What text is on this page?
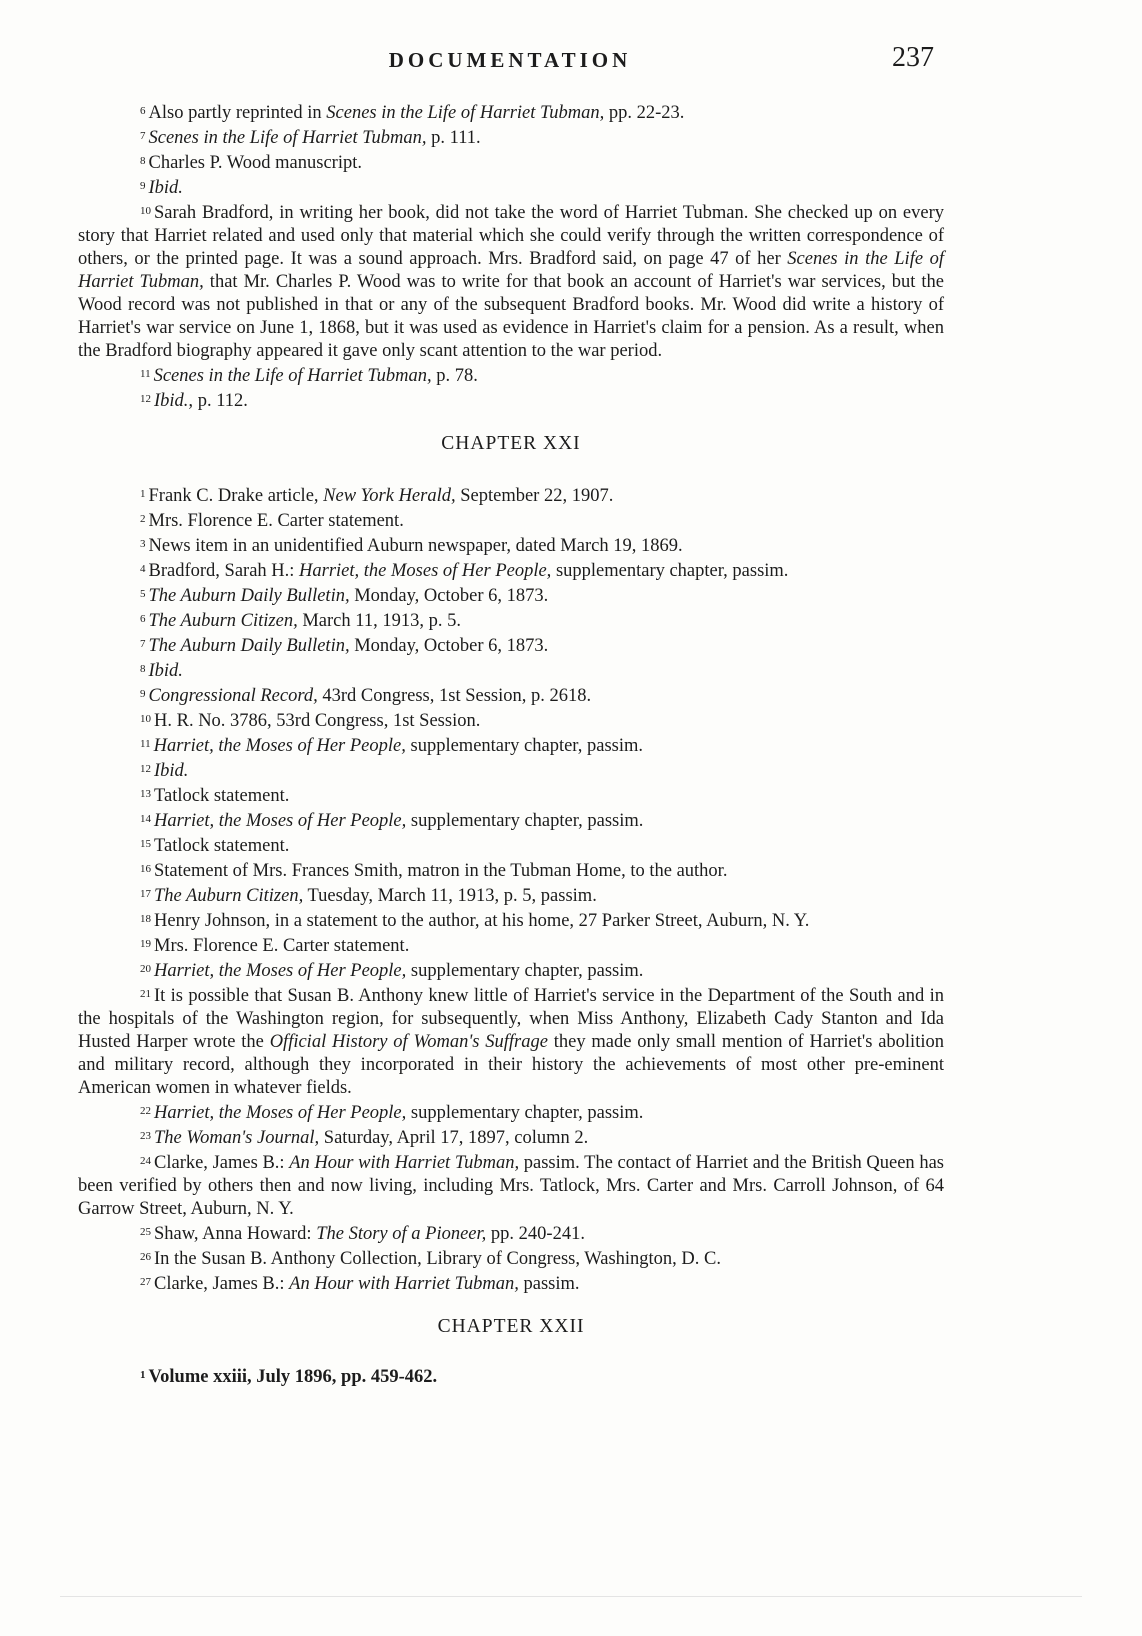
DOCUMENTATION	237

$^6$ Also partly reprinted in Scenes in the Life of Harriet Tubman, pp. 22-23.

$^7$ Scenes in the Life of Harriet Tubman, p. 111.

$^8$ Charles P. Wood manuscript.

$^9$ Ibid.

$^{10}$ Sarah Bradford, in writing her book, did not take the word of Harriet Tubman. She checked up on every story that Harriet related and used only that material which she could verify through the written correspondence of others, or the printed page. It was a sound approach. Mrs. Bradford said, on page 47 of her Scenes in the Life of Harriet Tubman, that Mr. Charles P. Wood was to write for that book an account of Harriet's war services, but the Wood record was not published in that or any of the subsequent Bradford books. Mr. Wood did write a history of Harriet's war service on June 1, 1868, but it was used as evidence in Harriet's claim for a pension. As a result, when the Bradford biography appeared it gave only scant attention to the war period.

$^{11}$ Scenes in the Life of Harriet Tubman, p. 78.

$^{12}$ Ibid., p. 112.

CHAPTER XXI

$^1$ Frank C. Drake article, New York Herald, September 22, 1907.

$^2$ Mrs. Florence E. Carter statement.

$^3$ News item in an unidentified Auburn newspaper, dated March 19, 1869.

$^4$ Bradford, Sarah H.: Harriet, the Moses of Her People, supplementary chapter, passim.

$^5$ The Auburn Daily Bulletin, Monday, October 6, 1873.

$^6$ The Auburn Citizen, March 11, 1913, p. 5.

$^7$ The Auburn Daily Bulletin, Monday, October 6, 1873.

$^8$ Ibid.

$^9$ Congressional Record, 43rd Congress, 1st Session, p. 2618.

$^{10}$ H. R. No. 3786, 53rd Congress, 1st Session.

$^{11}$ Harriet, the Moses of Her People, supplementary chapter, passim.

$^{12}$ Ibid.

$^{13}$ Tatlock statement.

$^{14}$ Harriet, the Moses of Her People, supplementary chapter, passim.

$^{15}$ Tatlock statement.

$^{16}$ Statement of Mrs. Frances Smith, matron in the Tubman Home, to the author.

$^{17}$ The Auburn Citizen, Tuesday, March 11, 1913, p. 5, passim.

$^{18}$ Henry Johnson, in a statement to the author, at his home, 27 Parker Street, Auburn, N. Y.

$^{19}$ Mrs. Florence E. Carter statement.

$^{20}$ Harriet, the Moses of Her People, supplementary chapter, passim.

$^{21}$ It is possible that Susan B. Anthony knew little of Harriet's service in the Department of the South and in the hospitals of the Washington region, for subsequently, when Miss Anthony, Elizabeth Cady Stanton and Ida Husted Harper wrote the Official History of Woman's Suffrage they made only small mention of Harriet's abolition and military record, although they incorporated in their history the achievements of most other pre-eminent American women in whatever fields.

$^{22}$ Harriet, the Moses of Her People, supplementary chapter, passim.

$^{23}$ The Woman's Journal, Saturday, April 17, 1897, column 2.

$^{24}$ Clarke, James B.: An Hour with Harriet Tubman, passim. The contact of Harriet and the British Queen has been verified by others then and now living, including Mrs. Tatlock, Mrs. Carter and Mrs. Carroll Johnson, of 64 Garrow Street, Auburn, N. Y.

$^{25}$ Shaw, Anna Howard: The Story of a Pioneer, pp. 240-241.

$^{26}$ In the Susan B. Anthony Collection, Library of Congress, Washington, D. C.

$^{27}$ Clarke, James B.: An Hour with Harriet Tubman, passim.

CHAPTER XXII

$^1$ Volume xxiii, July 1896, pp. 459-462.
